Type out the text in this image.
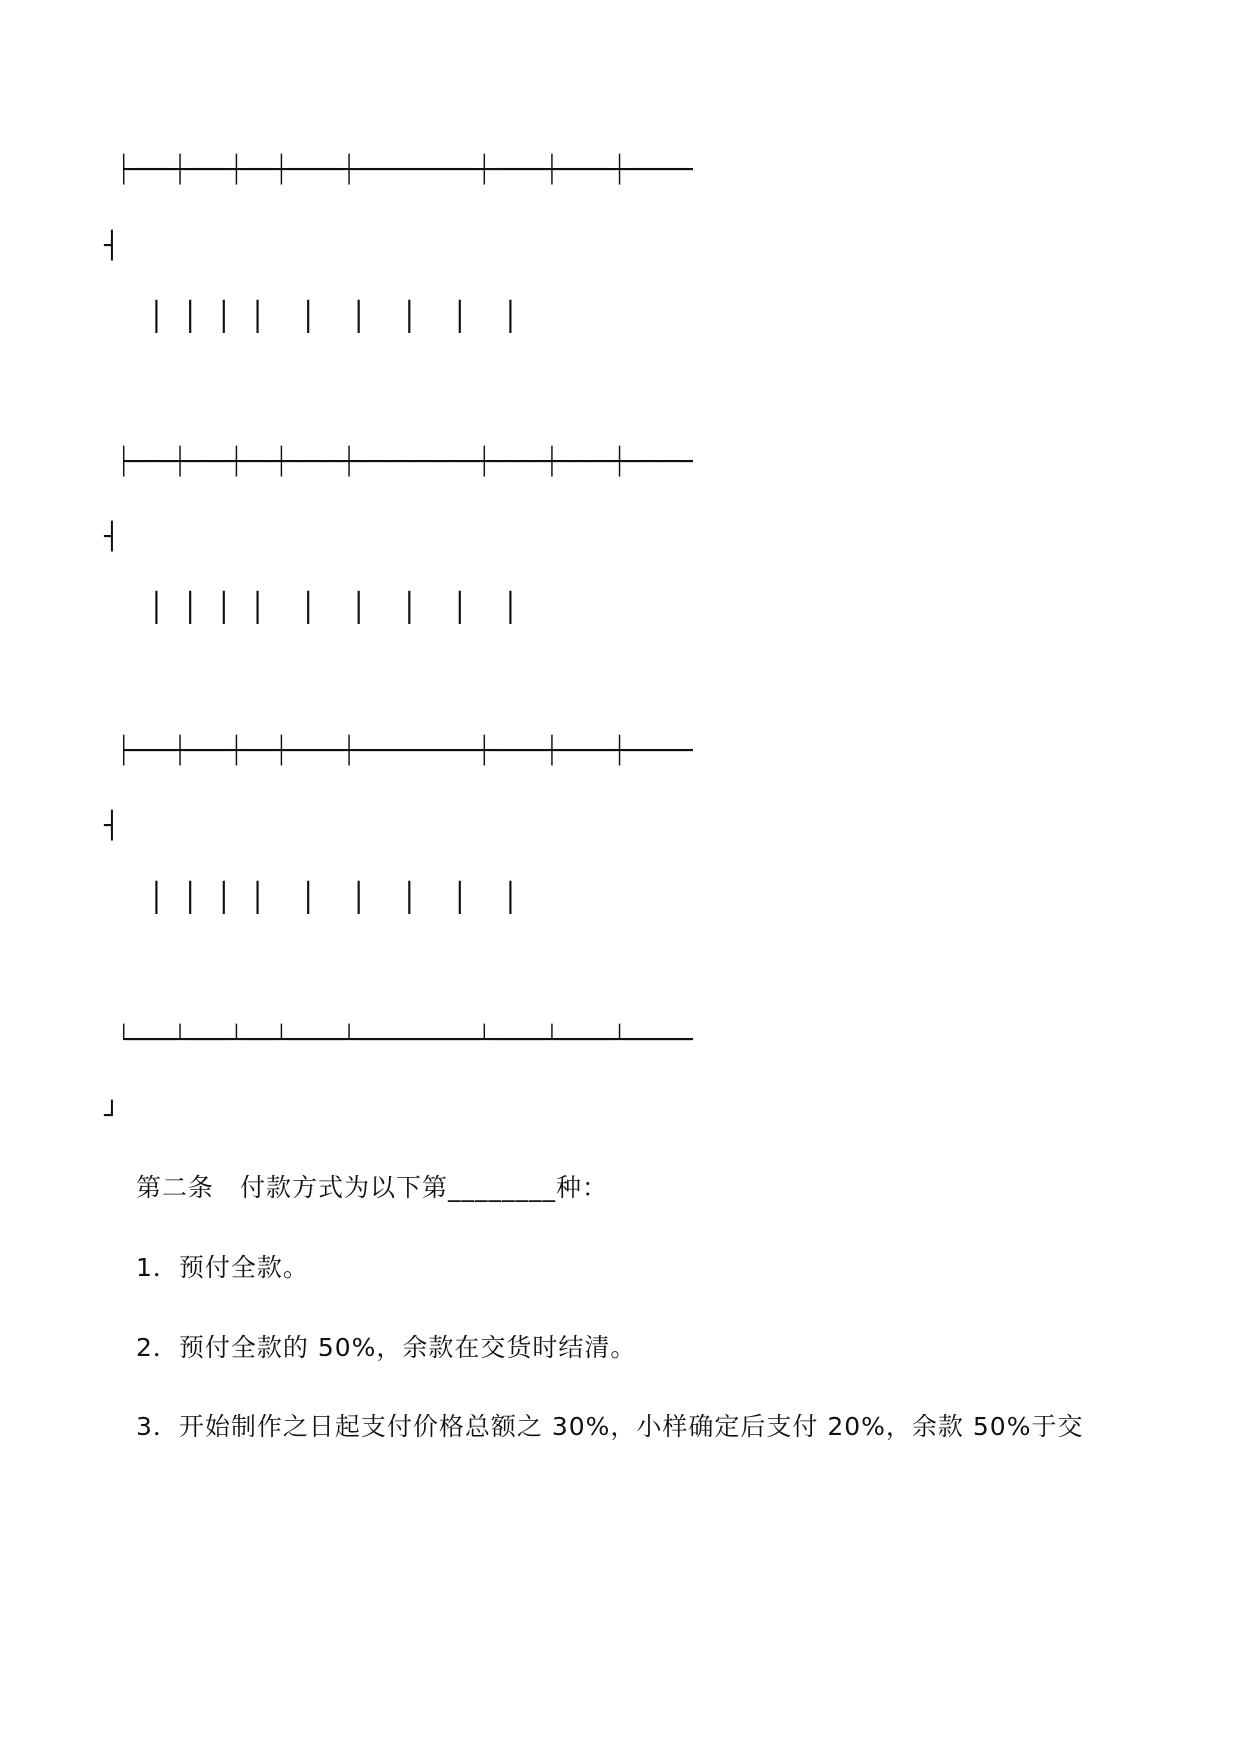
├────┼────┼───┼─────┼───────────┼─────┼─────┼──────
┤
│ │ │ │  │  │  │  │  │
├────┼────┼───┼─────┼───────────┼─────┼─────┼──────
┤
│ │ │ │  │  │  │  │  │
├────┼────┼───┼─────┼───────────┼─────┼─────┼──────
┤
│ │ │ │  │  │  │  │  │
└────┴────┴───┴─────┴───────────┴─────┴─────┴──────
┘
第二条　付款方式为以下第________种：
1．预付全款。
2．预付全款的 50%，余款在交货时结清。
3．开始制作之日起支付价格总额之 30%，小样确定后支付 20%，余款 50%于交
